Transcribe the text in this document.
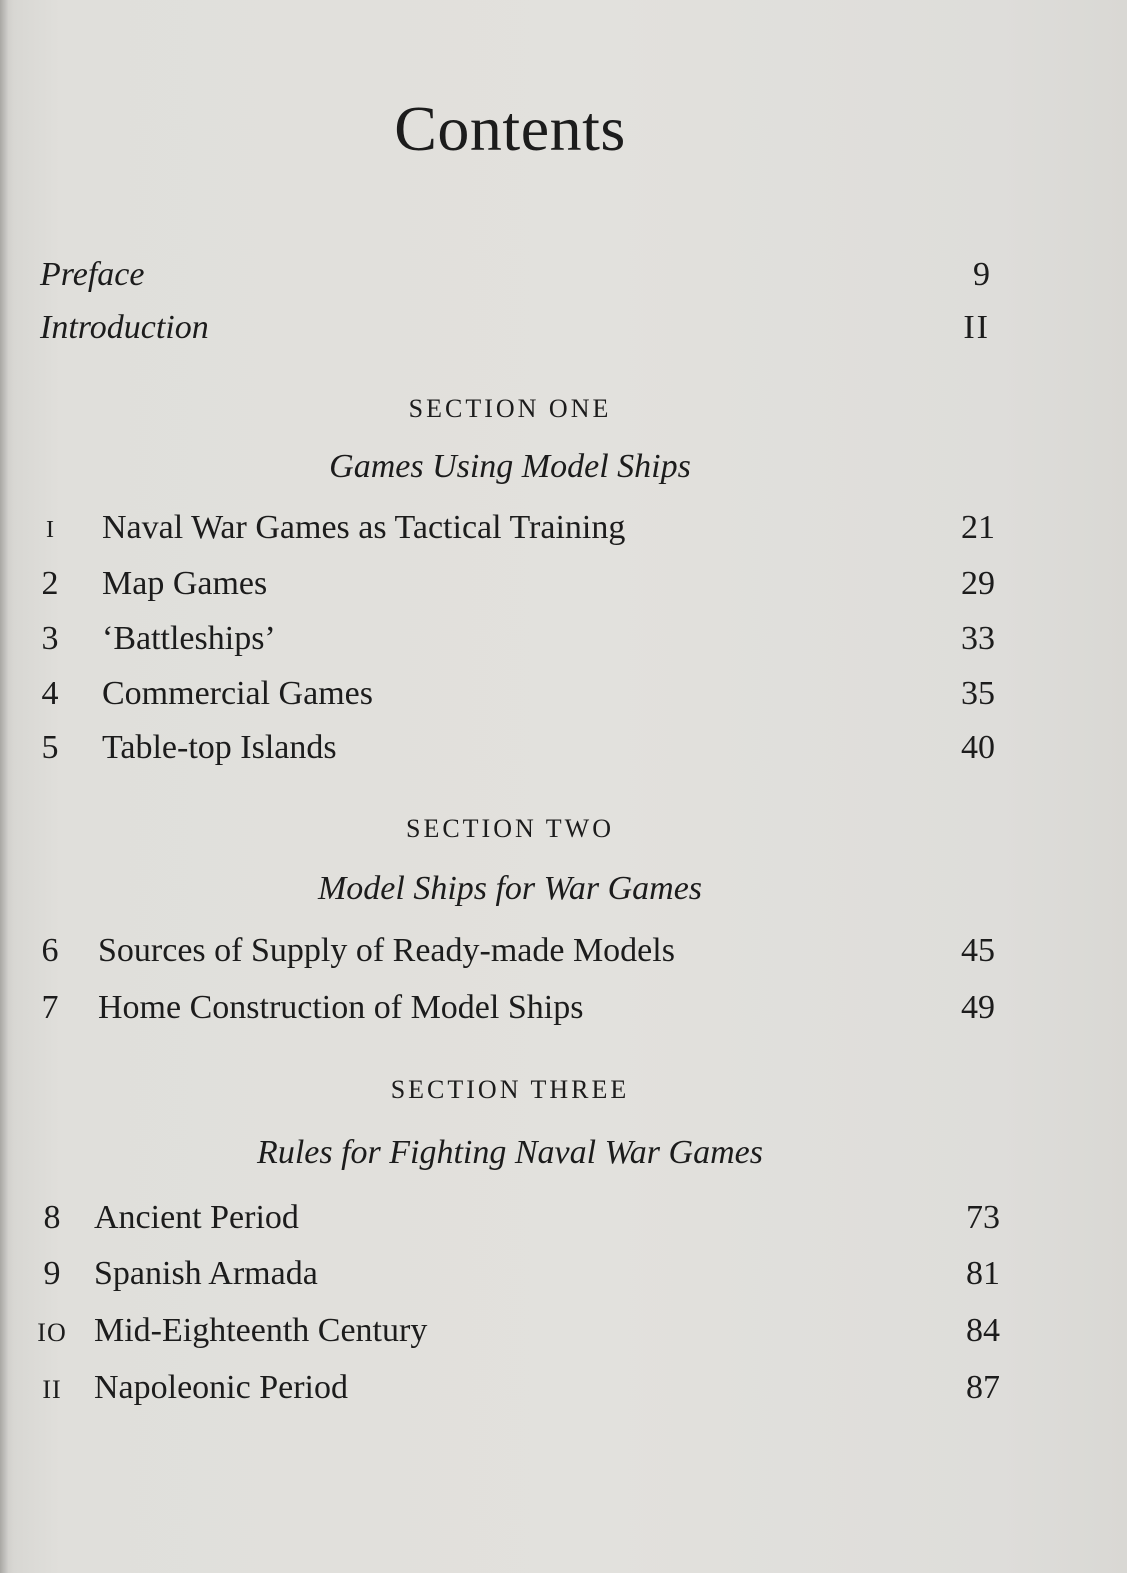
Contents
Preface	9
Introduction	II
SECTION ONE
Games Using Model Ships
I	Naval War Games as Tactical Training	21
2	Map Games	29
3	‘Battleships’	33
4	Commercial Games	35
5	Table-top Islands	40
SECTION TWO
Model Ships for War Games
6	Sources of Supply of Ready-made Models	45
7	Home Construction of Model Ships	49
SECTION THREE
Rules for Fighting Naval War Games
8 Ancient Period	73
9 Spanish Armada	81
IO Mid-Eighteenth Century	84
II Napoleonic Period	87
